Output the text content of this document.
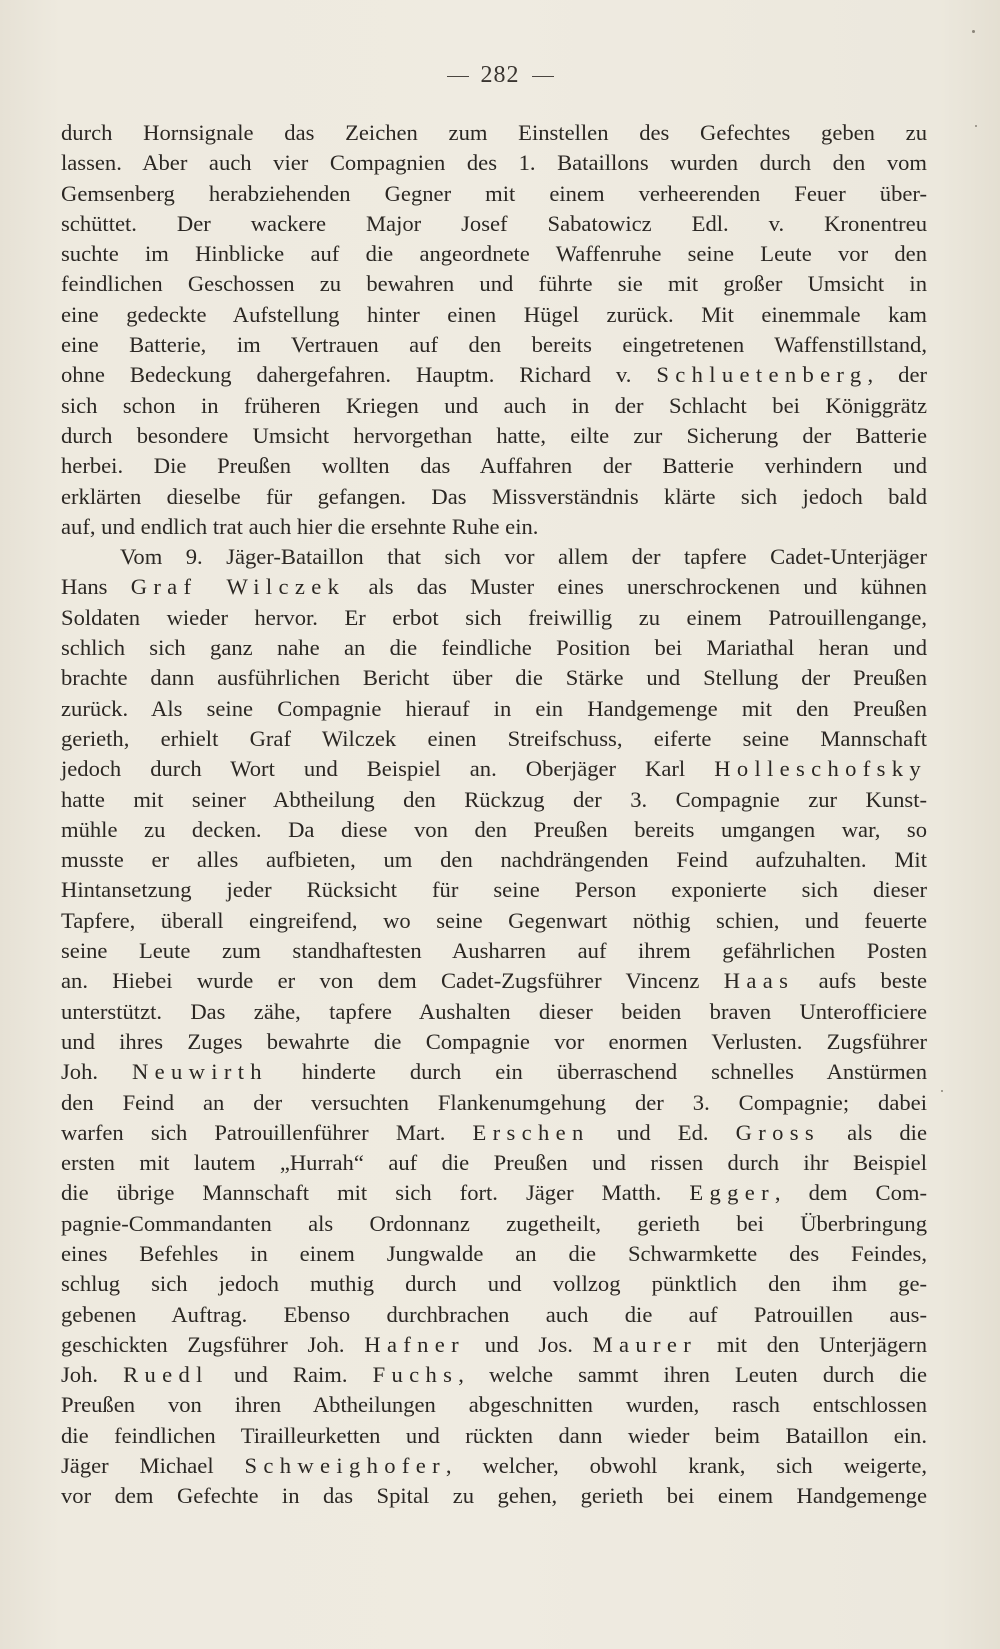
282
durch Hornsignale das Zeichen zum Einstellen des Gefechtes geben zu
lassen. Aber auch vier Compagnien des 1. Bataillons wurden durch den vom
Gemsenberg herabziehenden Gegner mit einem verheerenden Feuer über-
schüttet. Der wackere Major Josef Sabatowicz Edl. v. Kronentreu
suchte im Hinblicke auf die angeordnete Waffenruhe seine Leute vor den
feindlichen Geschossen zu bewahren und führte sie mit großer Umsicht in
eine gedeckte Aufstellung hinter einen Hügel zurück. Mit einemmale kam
eine Batterie, im Vertrauen auf den bereits eingetretenen Waffenstillstand,
ohne Bedeckung dahergefahren. Hauptm. Richard v. Schluetenberg, der
sich schon in früheren Kriegen und auch in der Schlacht bei Königgrätz
durch besondere Umsicht hervorgethan hatte, eilte zur Sicherung der Batterie
herbei. Die Preußen wollten das Auffahren der Batterie verhindern und
erklärten dieselbe für gefangen. Das Missverständnis klärte sich jedoch bald
auf, und endlich trat auch hier die ersehnte Ruhe ein.
Vom 9. Jäger-Bataillon that sich vor allem der tapfere Cadet-Unterjäger
Hans Graf Wilczek als das Muster eines unerschrockenen und kühnen
Soldaten wieder hervor. Er erbot sich freiwillig zu einem Patrouillengange,
schlich sich ganz nahe an die feindliche Position bei Mariathal heran und
brachte dann ausführlichen Bericht über die Stärke und Stellung der Preußen
zurück. Als seine Compagnie hierauf in ein Handgemenge mit den Preußen
gerieth, erhielt Graf Wilczek einen Streifschuss, eiferte seine Mannschaft
jedoch durch Wort und Beispiel an. Oberjäger Karl Holleschofsky
hatte mit seiner Abtheilung den Rückzug der 3. Compagnie zur Kunst-
mühle zu decken. Da diese von den Preußen bereits umgangen war, so
musste er alles aufbieten, um den nachdrängenden Feind aufzuhalten. Mit
Hintansetzung jeder Rücksicht für seine Person exponierte sich dieser
Tapfere, überall eingreifend, wo seine Gegenwart nöthig schien, und feuerte
seine Leute zum standhaftesten Ausharren auf ihrem gefährlichen Posten
an. Hiebei wurde er von dem Cadet-Zugsführer Vincenz Haas aufs beste
unterstützt. Das zähe, tapfere Aushalten dieser beiden braven Unterofficiere
und ihres Zuges bewahrte die Compagnie vor enormen Verlusten. Zugsführer
Joh. Neuwirth hinderte durch ein überraschend schnelles Anstürmen
den Feind an der versuchten Flankenumgehung der 3. Compagnie; dabei
warfen sich Patrouillenführer Mart. Erschen und Ed. Gross als die
ersten mit lautem „Hurrah“ auf die Preußen und rissen durch ihr Beispiel
die übrige Mannschaft mit sich fort. Jäger Matth. Egger, dem Com-
pagnie-Commandanten als Ordonnanz zugetheilt, gerieth bei Überbringung
eines Befehles in einem Jungwalde an die Schwarmkette des Feindes,
schlug sich jedoch muthig durch und vollzog pünktlich den ihm ge-
gebenen Auftrag. Ebenso durchbrachen auch die auf Patrouillen aus-
geschickten Zugsführer Joh. Hafner und Jos. Maurer mit den Unterjägern
Joh. Ruedl und Raim. Fuchs, welche sammt ihren Leuten durch die
Preußen von ihren Abtheilungen abgeschnitten wurden, rasch entschlossen
die feindlichen Tirailleurketten und rückten dann wieder beim Bataillon ein.
Jäger Michael Schweighofer, welcher, obwohl krank, sich weigerte,
vor dem Gefechte in das Spital zu gehen, gerieth bei einem Handgemenge
